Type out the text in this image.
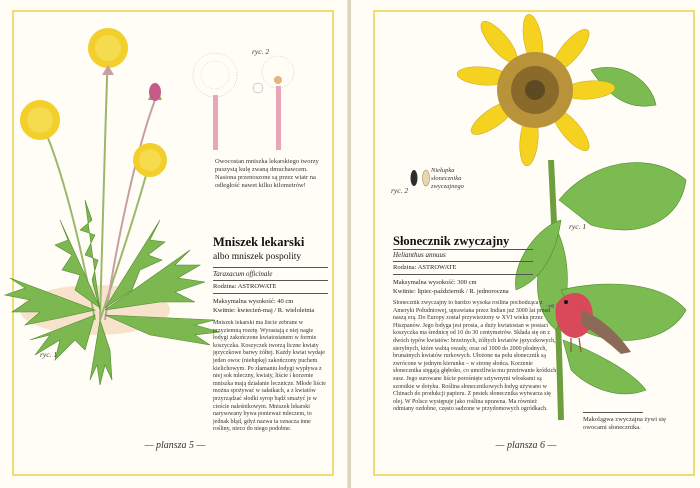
ryc. 2
Owocostan mniszka lekarskiego tworzy puszystą kulę zwaną dmuchawcem. Nasiona przenoszone są przez wiatr na odległość nawet kilku kilometrów!
ryc. 1
Mniszek lekarski
albo mniszek pospolity
Taraxacum officinale
Rodzina: ASTROWATE
Maksymalna wysokość: 40 cm
Kwitnie: kwiecień-maj / R. wieloletnia
Mniszek lekarski ma liście zebrane w przyziemną rozetę. Wyrastają z niej nagie łodygi zakończone kwiatostanem w formie koszyczka. Koszyczek tworzą liczne kwiaty języczkowe barwy żółtej. Każdy kwiat wydaje jeden owoc (niełupkę) zakończony puchem kielichowym. Po złamaniu łodygi wypływa z niej sok mleczny, kwiaty, liście i korzenie mniszka mają działanie lecznicze. Młode liście można spożywać w sałatkach, a z kwiatów przyrządzać słodki syrop bądź smażyć je w cieście naleśnikowym. Mniszek lekarski narysowany bywa ponieważ mleczem, to jednak błąd, gdyż nazwa ta oznacza inne rośliny, nieco do niego podobne.
— plansza 5 —
Niełupka słonecznika zwyczajnego
ryc. 2
ryc. 1
Słonecznik zwyczajny
Helianthus annuus
Rodzina: ASTROWATE
Maksymalna wysokość: 300 cm
Kwitnie: lipiec-październik / R. jednoroczna
Słonecznik zwyczajny to bardzo wysoka roślina pochodząca z Ameryki Południowej, uprawiana przez Indian już 3000 lat przed naszą erą. Do Europy został przywieziony w XVI wieku przez Hiszpanów. Jego łodyga jest prosta, a duży kwiatostan w postaci koszyczka ma średnicę od 10 do 30 centymetrów. Składa się on z dwóch typów kwiatów: brzeżnych, żółtych kwiatów języczkowych, sterylnych, które wabią owady, oraz od 1000 do 2000 płodnych, brunatnych kwiatów rurkowych. Ułożone na polu słonecznik są zwrócone w jednym kierunku – w stronę słońca. Korzenie słonecznika sięgają głęboko, co umożliwia mu przetrwanie krótkich susz. Jego surowane liście porośnięte sztywnymi włoskami są szorstkie w dotyku. Roślina słonecznikowych łodyg używano w Chinach do produkcji papieru. Z pestek słonecznika wytwarza się olej. W Polsce występuje jako roślina uprawna. Ma również odmiany ozdobne, często sadzone w przydomowych ogródkach.
Makolągwa zwyczajna żywi się owocami słonecznika.
— plansza 6 —
